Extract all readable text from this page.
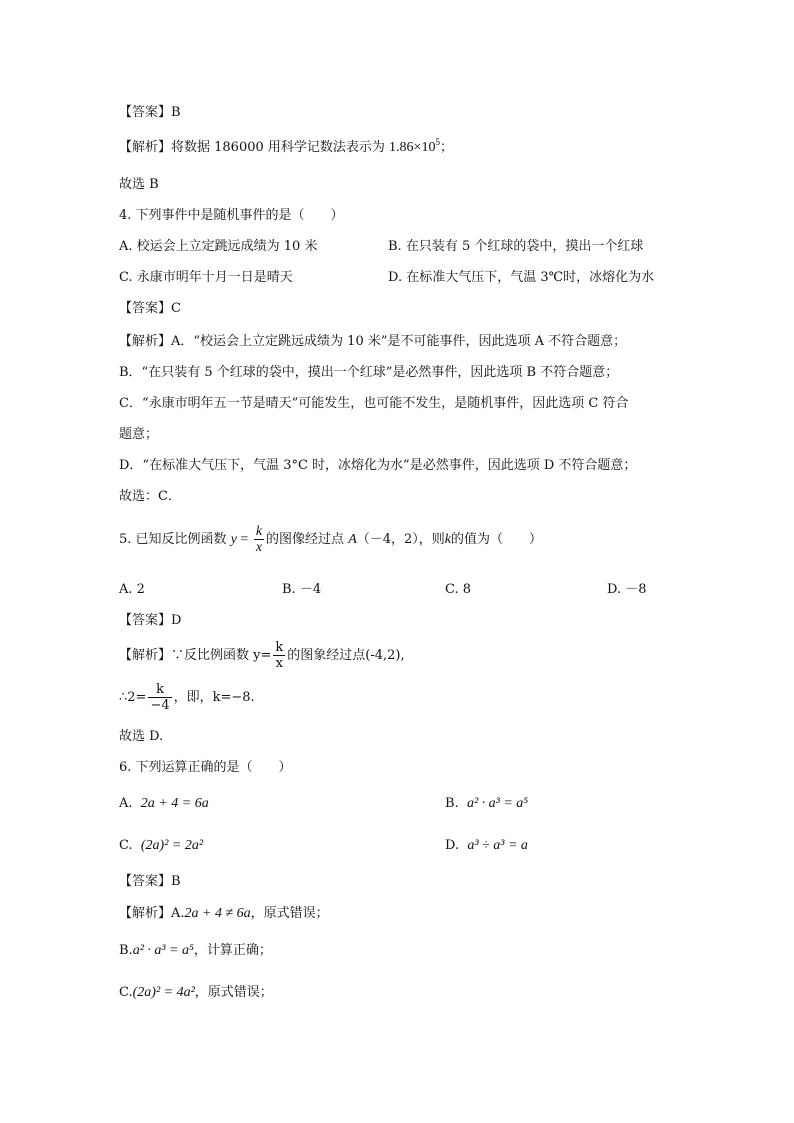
【答案】B
【解析】将数据 186000 用科学记数法表示为 $1.86\times 10^5$；
故选 B
4. 下列事件中是随机事件的是（　　）
A. 校运会上立定跳远成绩为 10 米	B. 在只装有 5 个红球的袋中，摸出一个红球
C. 永康市明年十月一日是晴天	D. 在标准大气压下，气温 3℃时，冰熔化为水
【答案】C
【解析】A．“校运会上立定跳远成绩为 10 米”是不可能事件，因此选项 A 不符合题意；
B．“在只装有 5 个红球的袋中，摸出一个红球”是必然事件，因此选项 B 不符合题意；
C．“永康市明年五一节是晴天”可能发生，也可能不发生，是随机事件，因此选项 C 符合
题意；
D．“在标准大气压下，气温 3°C 时，冰熔化为水”是必然事件，因此选项 D 不符合题意；
故选：C．
5. 已知反比例函数 $y = \frac{k}{x}$ 的图像经过点 A（－4，2），则k的值为（　　）
A. 2	B. －4	C. 8	D. －8
【答案】D
【解析】∵反比例函数 $y= \frac{k}{x}$ 的图象经过点(-4,2),
∴2= $\frac{k}{-4}$ ，即，k=−8.
故选 D.
6. 下列运算正确的是（　　）
A. 2a + 4 = 6a	B. a² · a³ = a⁵
C. (2a)² = 2a²	D. a³ ÷ a³ = a
【答案】B
【解析】A.2a + 4 ≠ 6a，原式错误；
B.a² · a³ = a⁵，计算正确；
C.(2a)² = 4a²，原式错误；
